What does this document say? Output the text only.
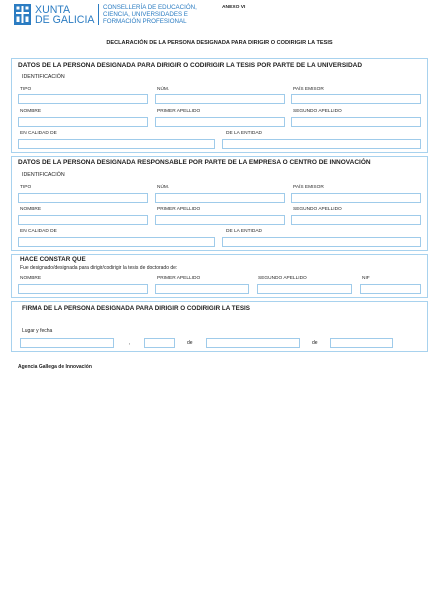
XUNTA
DE GALICIA
CONSELLERÍA DE EDUCACIÓN,
CIENCIA, UNIVERSIDADES E
FORMACIÓN PROFESIONAL
ANEXO VI
DECLARACIÓN DE LA PERSONA DESIGNADA PARA DIRIGIR O CODIRIGIR LA TESIS
DATOS DE LA PERSONA DESIGNADA PARA DIRIGIR O CODIRIGIR LA TESIS POR PARTE DE LA UNIVERSIDAD
IDENTIFICACIÓN
TIPO	NÚM.	PAÍS EMISOR
NOMBRE	PRIMER APELLIDO	SEGUNDO APELLIDO
EN CALIDAD DE	DE LA ENTIDAD
DATOS DE LA PERSONA DESIGNADA RESPONSABLE POR PARTE DE LA EMPRESA O CENTRO DE INNOVACIÓN
IDENTIFICACIÓN
TIPO	NÚM.	PAÍS EMISOR
NOMBRE	PRIMER APELLIDO	SEGUNDO APELLIDO
EN CALIDAD DE	DE LA ENTIDAD
HACE CONSTAR QUE
Fue designado/designada para dirigir/codirigir la tesis de doctorado de:
NOMBRE	PRIMER APELLIDO	SEGUNDO APELLIDO	NIF
FIRMA DE LA PERSONA DESIGNADA PARA DIRIGIR O CODIRIGIR LA TESIS
Lugar y fecha
,	de	de
Agencia Gallega de Innovación
